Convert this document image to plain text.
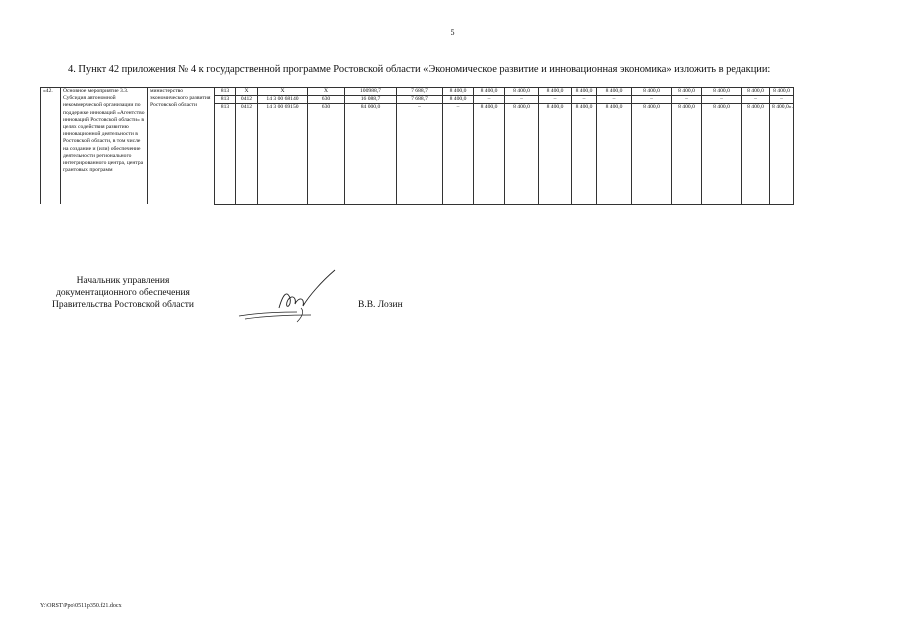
5
4. Пункт 42 приложения № 4 к государственной программе Ростовской области «Экономическое развитие и инновационная экономика» изложить в редакции:
«42.	Основное мероприятие 3.3. Субсидия автономной некоммерческой организации по поддержке инноваций «Агентство инноваций Ростовской области» в целях содействия развитию инновационной деятельности в Ростовской области, в том числе на создание и (или) обеспечение деятельности регионального интегрированного центра, центра грантовых программ	министерство экономического развития Ростовской области	813	X	X	X	100988,7	7 688,7	8 400,0	8 400,0	8 400,0	8 400,0	8 400,0	8 400,0	8 400,0	8 400,0	8 400,0	8 400,0	8 400,0
			813	0412	14 3 00 68140	630	16 088,7	7 688,7	8 400,0	–	–	–	–	–	–	–	–	–	–
			813	0412	14 3 00 69150	630	84 000,0	–	–	8 400,0	8 400,0	8 400,0	8 400,0	8 400,0	8 400,0	8 400,0	8 400,0	8 400,0	8 400,0».

Начальник управления
документационного обеспечения
Правительства Ростовской области	В.В. Лозин
Y:\ORST\Ppo\0511p350.f21.docx
